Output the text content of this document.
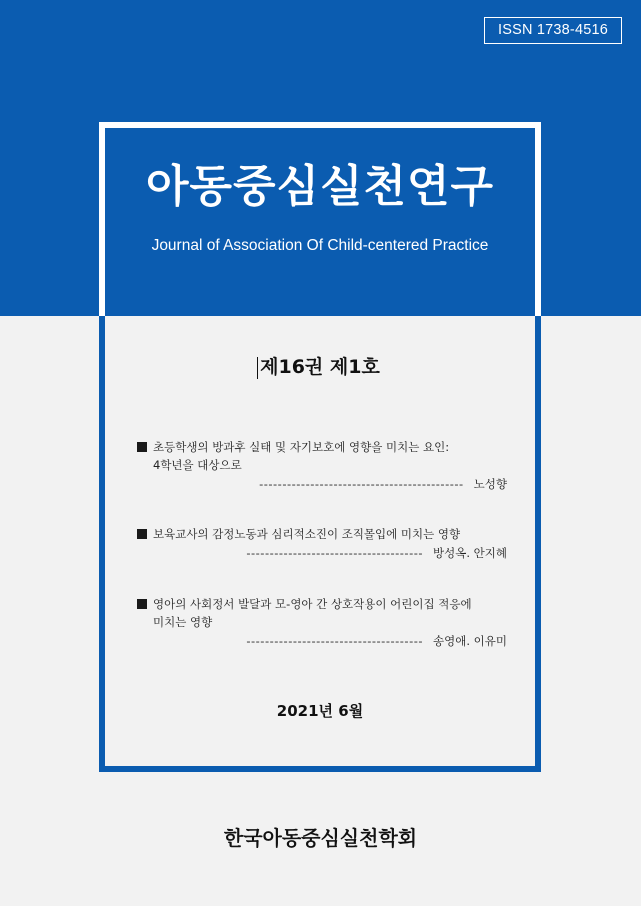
ISSN 1738-4516
아동중심실천연구
Journal of Association Of Child-centered Practice
제16권 제1호
초등학생의 방과후 실태 및 자기보호에 영향을 미치는 요인:
4학년을 대상으로
-------------------------------------------- 노성향
보육교사의 감정노동과 심리적소진이 조직몰입에 미치는 영향
-------------------------------------- 방성옥. 안지혜
영아의 사회정서 발달과 모-영아 간 상호작용이 어린이집 적응에
미치는 영향
-------------------------------------- 송영애. 이유미
2021년 6월
한국아동중심실천학회
